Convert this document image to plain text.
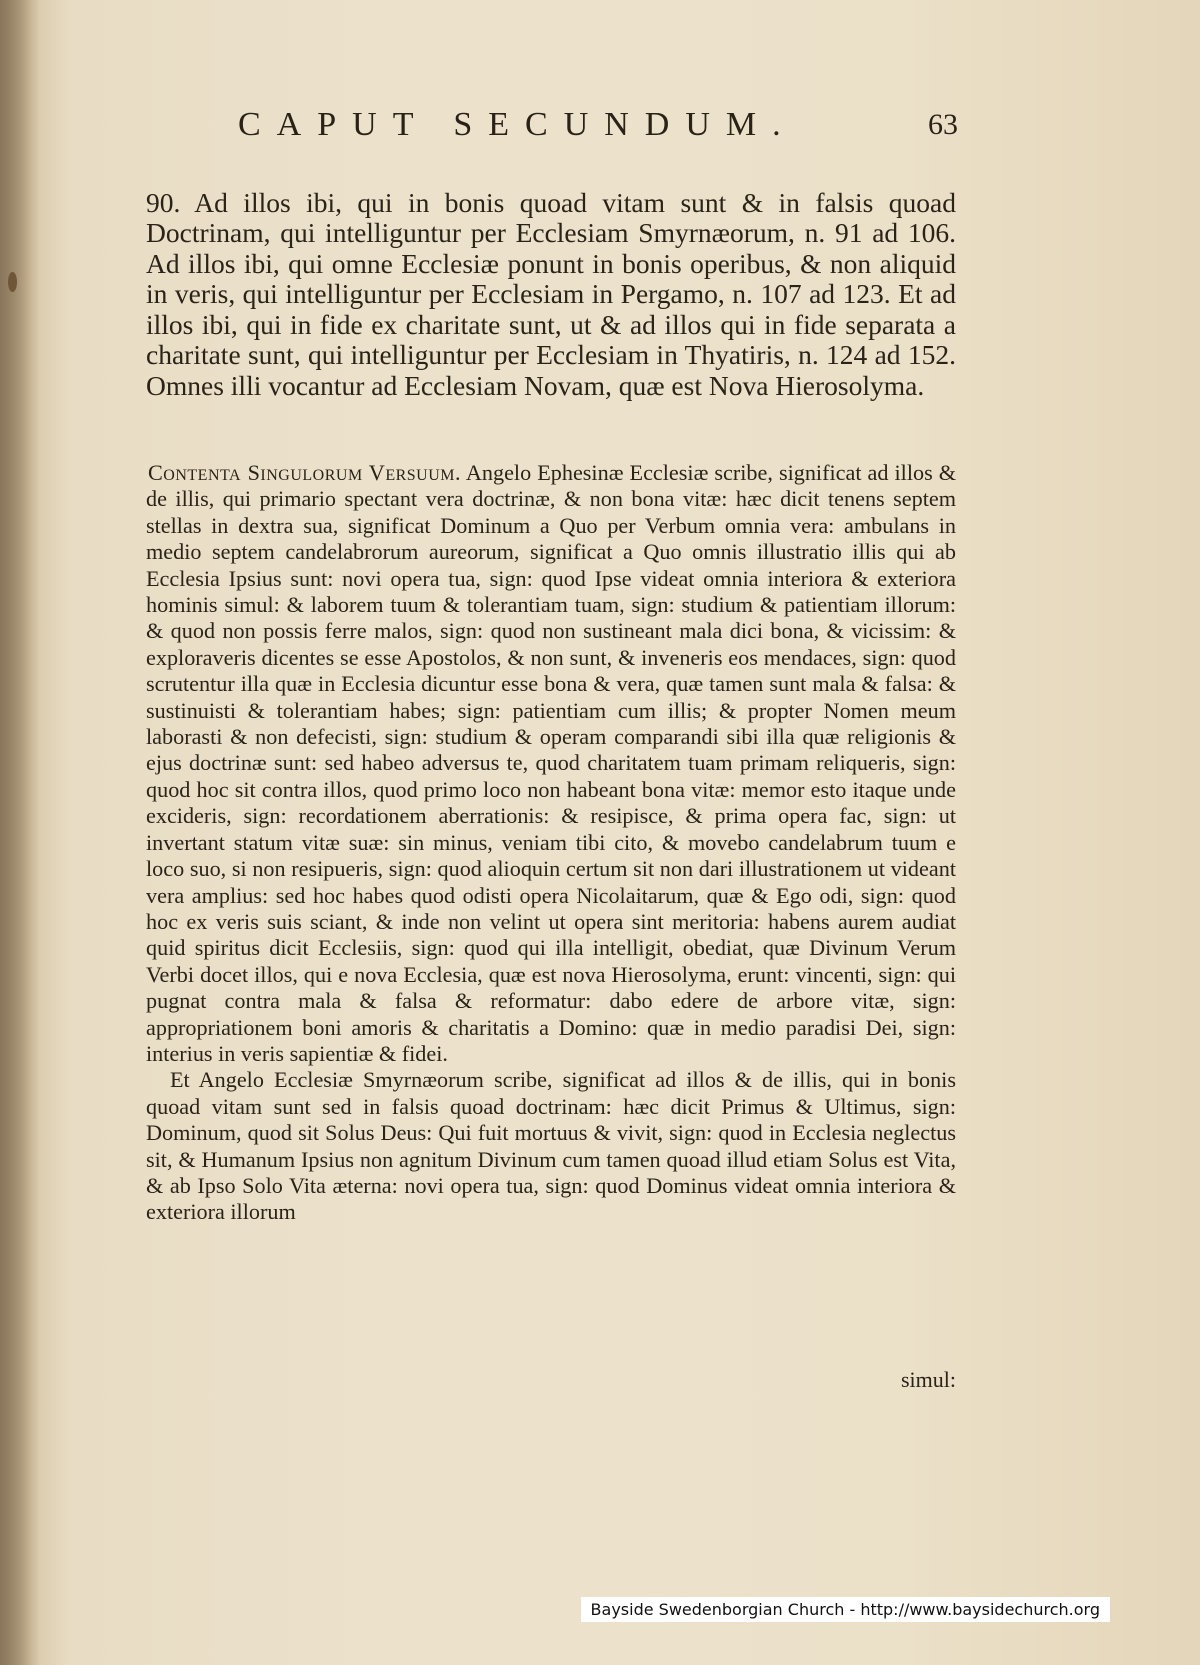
CAPUT SECUNDUM.	63

90. Ad illos ibi, qui in bonis quoad vitam sunt & in falsis quoad Doctrinam, qui intelliguntur per Ecclesiam Smyrnæorum, n. 91 ad 106. Ad illos ibi, qui omne Ecclesiæ ponunt in bonis operibus, & non aliquid in veris, qui intelliguntur per Ecclesiam in Pergamo, n. 107 ad 123. Et ad illos ibi, qui in fide ex charitate sunt, ut & ad illos qui in fide separata a charitate sunt, qui intelliguntur per Ecclesiam in Thyatiris, n. 124 ad 152. Omnes illi vocantur ad Ecclesiam Novam, quæ est Nova Hierosolyma.

Contenta Singulorum Versuum. Angelo Ephesinæ Ecclesiæ scribe, significat ad illos & de illis, qui primario spectant vera doctrinæ, & non bona vitæ: hæc dicit tenens septem stellas in dextra sua, significat Dominum a Quo per Verbum omnia vera: ambulans in medio septem candelabrorum aureorum, significat a Quo omnis illustratio illis qui ab Ecclesia Ipsius sunt: novi opera tua, sign: quod Ipse videat omnia interiora & exteriora hominis simul: & laborem tuum & tolerantiam tuam, sign: studium & patientiam illorum: & quod non possis ferre malos, sign: quod non sustineant mala dici bona, & vicissim: & exploraveris dicentes se esse Apostolos, & non sunt, & inveneris eos mendaces, sign: quod scrutentur illa quæ in Ecclesia dicuntur esse bona & vera, quæ tamen sunt mala & falsa: & sustinuisti & tolerantiam habes; sign: patientiam cum illis; & propter Nomen meum laborasti & non defecisti, sign: studium & operam comparandi sibi illa quæ religionis & ejus doctrinæ sunt: sed habeo adversus te, quod charitatem tuam primam reliqueris, sign: quod hoc sit contra illos, quod primo loco non habeant bona vitæ: memor esto itaque unde excideris, sign: recordationem aberrationis: & resipisce, & prima opera fac, sign: ut invertant statum vitæ suæ: sin minus, veniam tibi cito, & movebo candelabrum tuum e loco suo, si non resipueris, sign: quod alioquin certum sit non dari illustrationem ut videant vera amplius: sed hoc habes quod odisti opera Nicolaitarum, quæ & Ego odi, sign: quod hoc ex veris suis sciant, & inde non velint ut opera sint meritoria: habens aurem audiat quid spiritus dicit Ecclesiis, sign: quod qui illa intelligit, obediat, quæ Divinum Verum Verbi docet illos, qui e nova Ecclesia, quæ est nova Hierosolyma, erunt: vincenti, sign: qui pugnat contra mala & falsa & reformatur: dabo edere de arbore vitæ, sign: appropriationem boni amoris & charitatis a Domino: quæ in medio paradisi Dei, sign: interius in veris sapientiæ & fidei.

Et Angelo Ecclesiæ Smyrnæorum scribe, significat ad illos & de illis, qui in bonis quoad vitam sunt sed in falsis quoad doctrinam: hæc dicit Primus & Ultimus, sign: Dominum, quod sit Solus Deus: Qui fuit mortuus & vivit, sign: quod in Ecclesia neglectus sit, & Humanum Ipsius non agnitum Divinum cum tamen quoad illud etiam Solus est Vita, & ab Ipso Solo Vita æterna: novi opera tua, sign: quod Dominus videat omnia interiora & exteriora illorum

simul:
Bayside Swedenborgian Church - http://www.baysidechurch.org
